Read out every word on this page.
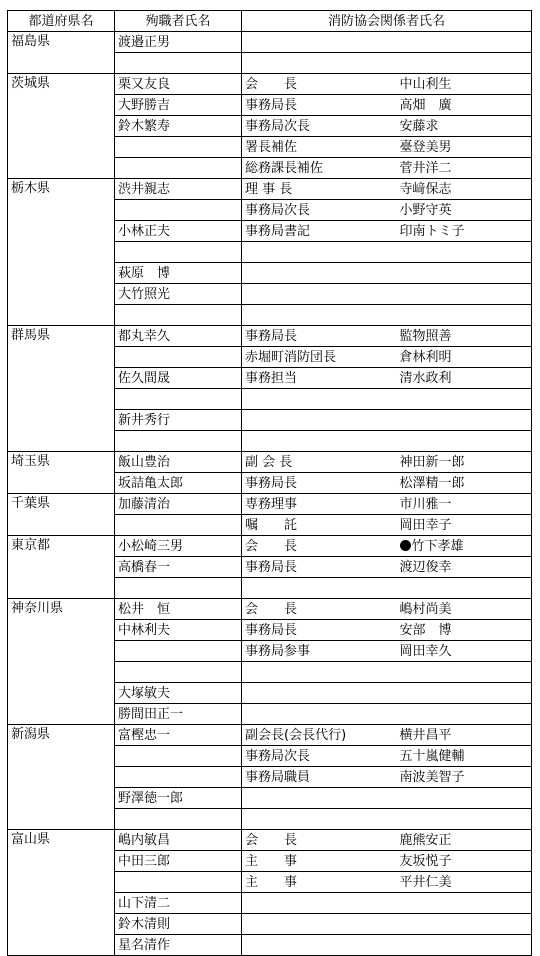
都道府県名	殉職者氏名	消防協会関係者氏名	
福島県	渡邉正男		

茨城県	栗又友良	会　　長	中山利生
	大野勝吉	事務局長	高畑　廣
	鈴木繁寿	事務局次長	安藤求
		署長補佐	臺登美男
		総務課長補佐	菅井洋二
栃木県	渋井親志	理 事 長	寺﨑保志
		事務局次長	小野守英
	小林正夫	事務局書記	印南トミ子

	萩原　博		
	大竹照光		

群馬県	都丸幸久	事務局長	監物照善
		赤堀町消防団長	倉林利明
	佐久間晟	事務担当	清水政利

	新井秀行		

埼玉県	飯山豊治	副 会 長	神田新一郎
	坂詰亀太郎	事務局長	松澤精一郎
千葉県	加藤清治	専務理事	市川雅一
		嘱　　託	岡田幸子
東京都	小松崎三男	会　　長	竹下孝雄
	高橋春一	事務局長	渡辺俊幸

神奈川県	松井　恒	会　　長	嶋村尚美
	中林利夫	事務局長	安部　博
		事務局参事	岡田幸久

	大塚敏夫		
	勝間田正一		
新潟県	富樫忠一	副会長(会長代行)	横井昌平
		事務局次長	五十嵐健輔
		事務局職員	南波美智子
	野澤徳一郎		

富山県	嶋内敏昌	会　　長	鹿熊安正
	中田三郎	主　　事	友坂悦子
		主　　事	平井仁美
	山下清二		
	鈴木清則		
	星名清作		
